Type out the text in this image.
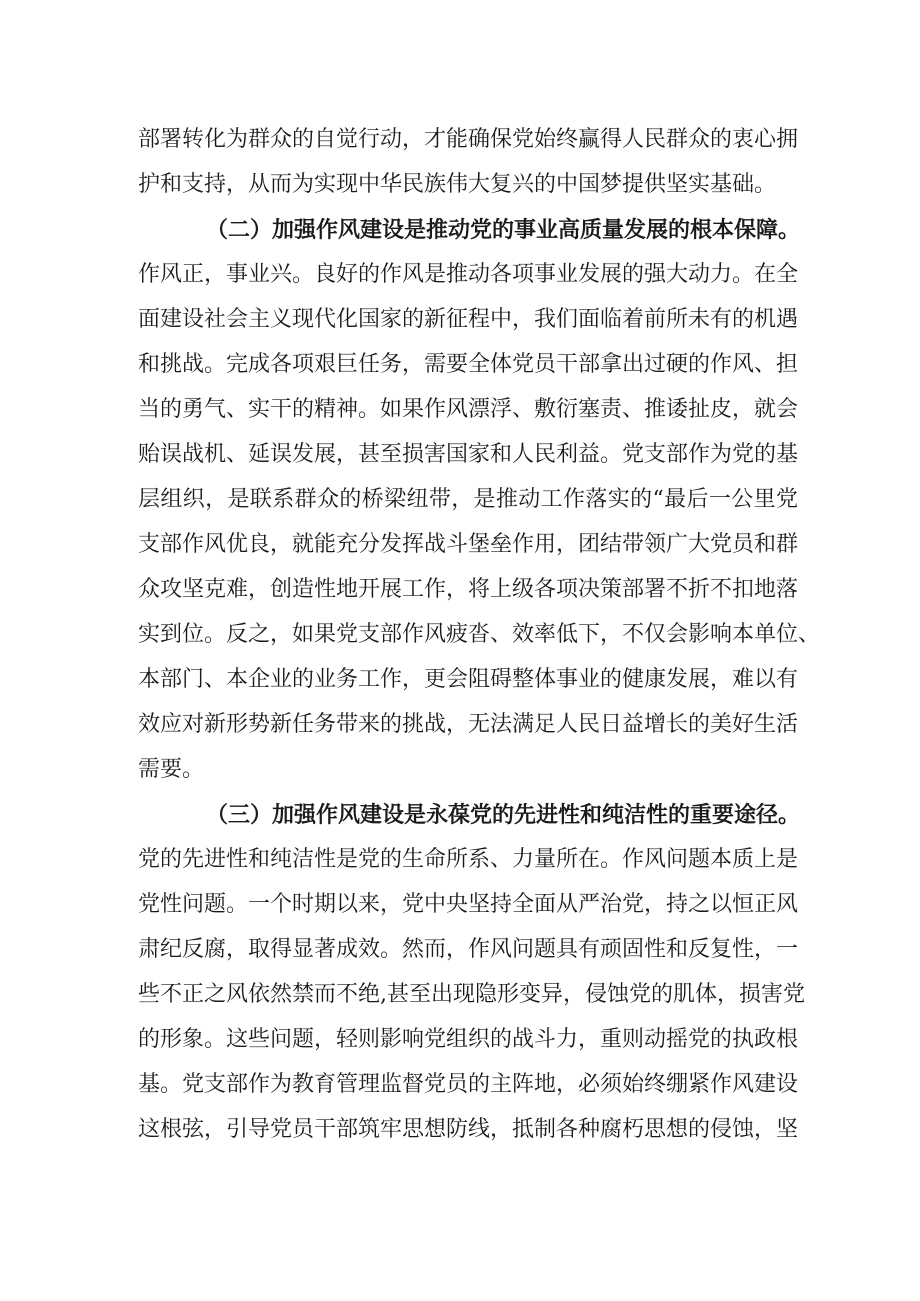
部署转化为群众的自觉行动，才能确保党始终赢得人民群众的衷心拥
护和支持，从而为实现中华民族伟大复兴的中国梦提供坚实基础。
（二）加强作风建设是推动党的事业高质量发展的根本保障。
作风正，事业兴。良好的作风是推动各项事业发展的强大动力。在全
面建设社会主义现代化国家的新征程中，我们面临着前所未有的机遇
和挑战。完成各项艰巨任务，需要全体党员干部拿出过硬的作风、担
当的勇气、实干的精神。如果作风漂浮、敷衍塞责、推诿扯皮，就会
贻误战机、延误发展，甚至损害国家和人民利益。党支部作为党的基
层组织，是联系群众的桥梁纽带，是推动工作落实的“最后一公里党
支部作风优良，就能充分发挥战斗堡垒作用，团结带领广大党员和群
众攻坚克难，创造性地开展工作，将上级各项决策部署不折不扣地落
实到位。反之，如果党支部作风疲沓、效率低下，不仅会影响本单位、
本部门、本企业的业务工作，更会阻碍整体事业的健康发展，难以有
效应对新形势新任务带来的挑战，无法满足人民日益增长的美好生活
需要。
（三）加强作风建设是永葆党的先进性和纯洁性的重要途径。
党的先进性和纯洁性是党的生命所系、力量所在。作风问题本质上是
党性问题。一个时期以来，党中央坚持全面从严治党，持之以恒正风
肃纪反腐，取得显著成效。然而，作风问题具有顽固性和反复性，一
些不正之风依然禁而不绝,甚至出现隐形变异，侵蚀党的肌体，损害党
的形象。这些问题，轻则影响党组织的战斗力，重则动摇党的执政根
基。党支部作为教育管理监督党员的主阵地，必须始终绷紧作风建设
这根弦，引导党员干部筑牢思想防线，抵制各种腐朽思想的侵蚀，坚
